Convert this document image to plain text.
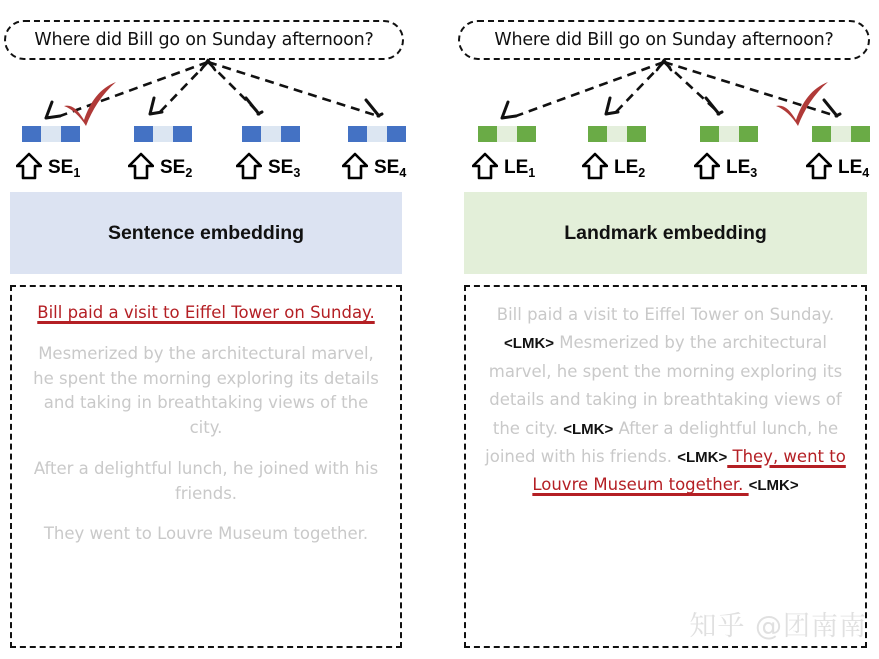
Where did Bill go on Sunday afternoon?
$SE_1$	$SE_2$	$SE_3$	$SE_4$
Sentence embedding

Bill paid a visit to Eiffel Tower on Sunday.

Mesmerized by the architectural marvel, he spent the morning exploring its details and taking in breathtaking views of the city.

After a delightful lunch, he joined with his friends.

They went to Louvre Museum together.

Where did Bill go on Sunday afternoon?
$LE_1$	$LE_2$	$LE_3$	$LE_4$
Landmark embedding

Bill paid a visit to Eiffel Tower on Sunday. <LMK> Mesmerized by the architectural marvel, he spent the morning exploring its details and taking in breathtaking views of the city. <LMK> After a delightful lunch, he joined with his friends. <LMK> They, went to Louvre Museum together. <LMK>

知乎 @团南南
